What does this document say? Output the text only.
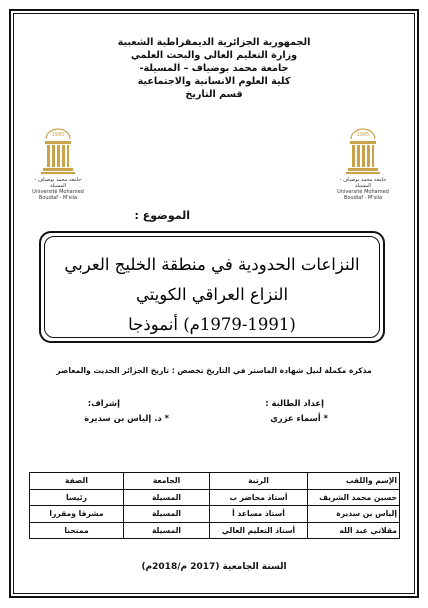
الجمهورية الجزائرية الديمقراطية الشعبية
وزارة التعليم العالي والبحث العلمي
جامعة محمد بوضياف – المسيلة-
كلية العلوم الانسانية والاجتماعية
قسم التاريخ
1985
جامعة محمد بوضياف - المسيلة
Université Mohamed Boudiaf - M'sila
1985
جامعة محمد بوضياف - المسيلة
Université Mohamed Boudiaf - M'sila
الموضوع :
النزاعات الحدودية في منطقة الخليج العربي
النزاع العراقي الكويتي
(1979-1991م) أنموذجا
مذكرة مكملة لنيل شهادة الماستر في التاريخ تخصص : تاريخ الجزائر الحديث والمعاصر
إعداد الطالبة :
* أسماء عزري
إشراف:
* د. إلياس بن سديرة
الإسم واللقب	الرتبة	الجامعة	الصفة
حسين محمد الشريف	أستاذ محاضر ب	المسيلة	رئيسا
إلياس بن سديرة	أستاذ مساعد أ	المسيلة	مشرفا ومقررا
مقلاتي عبد الله	أستاذ التعليم العالي	المسيلة	ممتحنا
السنة الجامعية (2017 م/2018م)
